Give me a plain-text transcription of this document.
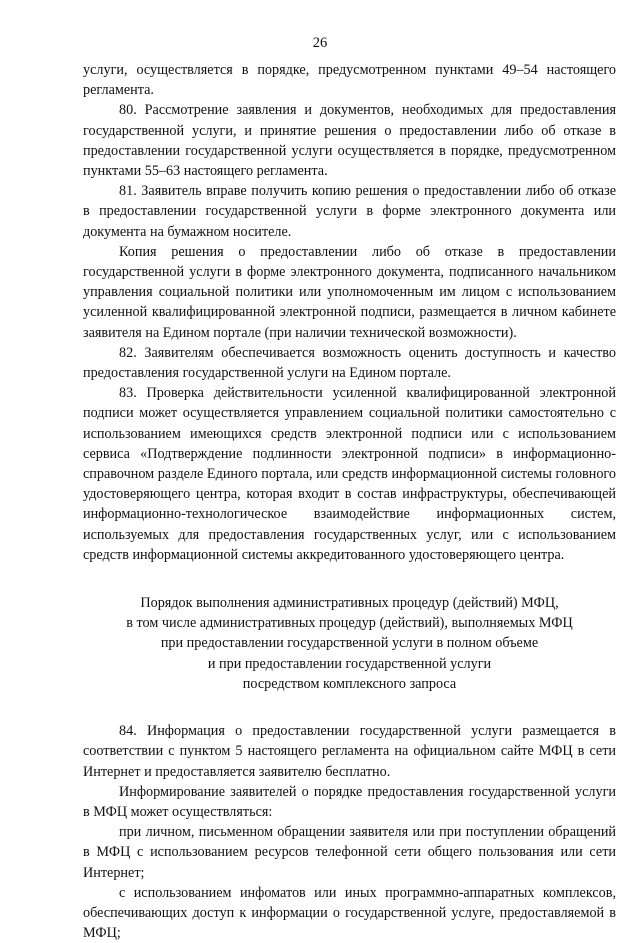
26

услуги, осуществляется в порядке, предусмотренном пунктами 49–54 настоящего регламента.

80. Рассмотрение заявления и документов, необходимых для предоставления государственной услуги, и принятие решения о предоставлении либо об отказе в предоставлении государственной услуги осуществляется в порядке, предусмотренном пунктами 55–63 настоящего регламента.

81. Заявитель вправе получить копию решения о предоставлении либо об отказе в предоставлении государственной услуги в форме электронного документа или документа на бумажном носителе.

Копия решения о предоставлении либо об отказе в предоставлении государственной услуги в форме электронного документа, подписанного начальником управления социальной политики или уполномоченным им лицом с использованием усиленной квалифицированной электронной подписи, размещается в личном кабинете заявителя на Едином портале (при наличии технической возможности).

82. Заявителям обеспечивается возможность оценить доступность и качество предоставления государственной услуги на Едином портале.

83. Проверка действительности усиленной квалифицированной электронной подписи может осуществляется управлением социальной политики самостоятельно с использованием имеющихся средств электронной подписи или с использованием сервиса «Подтверждение подлинности электронной подписи» в информационно-справочном разделе Единого портала, или средств информационной системы головного удостоверяющего центра, которая входит в состав инфраструктуры, обеспечивающей информационно-технологическое взаимодействие информационных систем, используемых для предоставления государственных услуг, или с использованием средств информационной системы аккредитованного удостоверяющего центра.

Порядок выполнения административных процедур (действий) МФЦ,
в том числе административных процедур (действий), выполняемых МФЦ
при предоставлении государственной услуги в полном объеме
и при предоставлении государственной услуги
посредством комплексного запроса

84. Информация о предоставлении государственной услуги размещается в соответствии с пунктом 5 настоящего регламента на официальном сайте МФЦ в сети Интернет и предоставляется заявителю бесплатно.

Информирование заявителей о порядке предоставления государственной услуги в МФЦ может осуществляться:

при личном, письменном обращении заявителя или при поступлении обращений в МФЦ с использованием ресурсов телефонной сети общего пользования или сети Интернет;

с использованием инфоматов или иных программно-аппаратных комплексов, обеспечивающих доступ к информации о государственной услуге, предоставляемой в МФЦ;
